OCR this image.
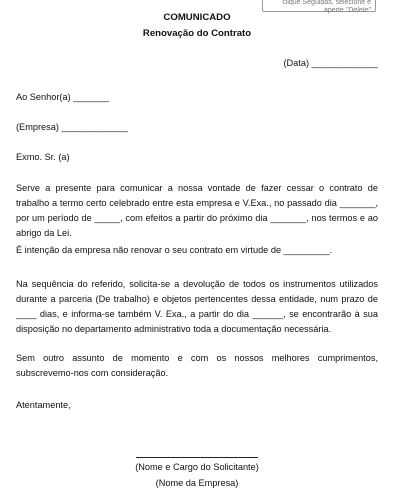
clique Seguidas, selecione e
aperte "Delete"
COMUNICADO
Renovação do Contrato
(Data) _____________
Ao Senhor(a) _______
(Empresa) _____________
Exmo. Sr. (a)
Serve a presente para comunicar a nossa vontade de fazer cessar o contrato de trabalho a termo certo celebrado entre esta empresa e V.Exa., no passado dia _______, por um período de _____, com efeitos a partir do próximo dia _______, nos termos e ao abrigo da Lei.
É intenção da empresa não renovar o seu contrato em virtude de _________.
Na sequência do referido, solicita-se a devolução de todos os instrumentos utilizados durante a parceria (De trabalho) e objetos pertencentes dessa entidade, num prazo de ____ dias, e informa-se também V. Exa., a partir do dia ______, se encontrarão à sua disposição no departamento administrativo toda a documentação necessária.
Sem outro assunto de momento e com os nossos melhores cumprimentos, subscrevemo-nos com consideração.
Atentamente,
(Nome e Cargo do Solicitante)
(Nome da Empresa)
